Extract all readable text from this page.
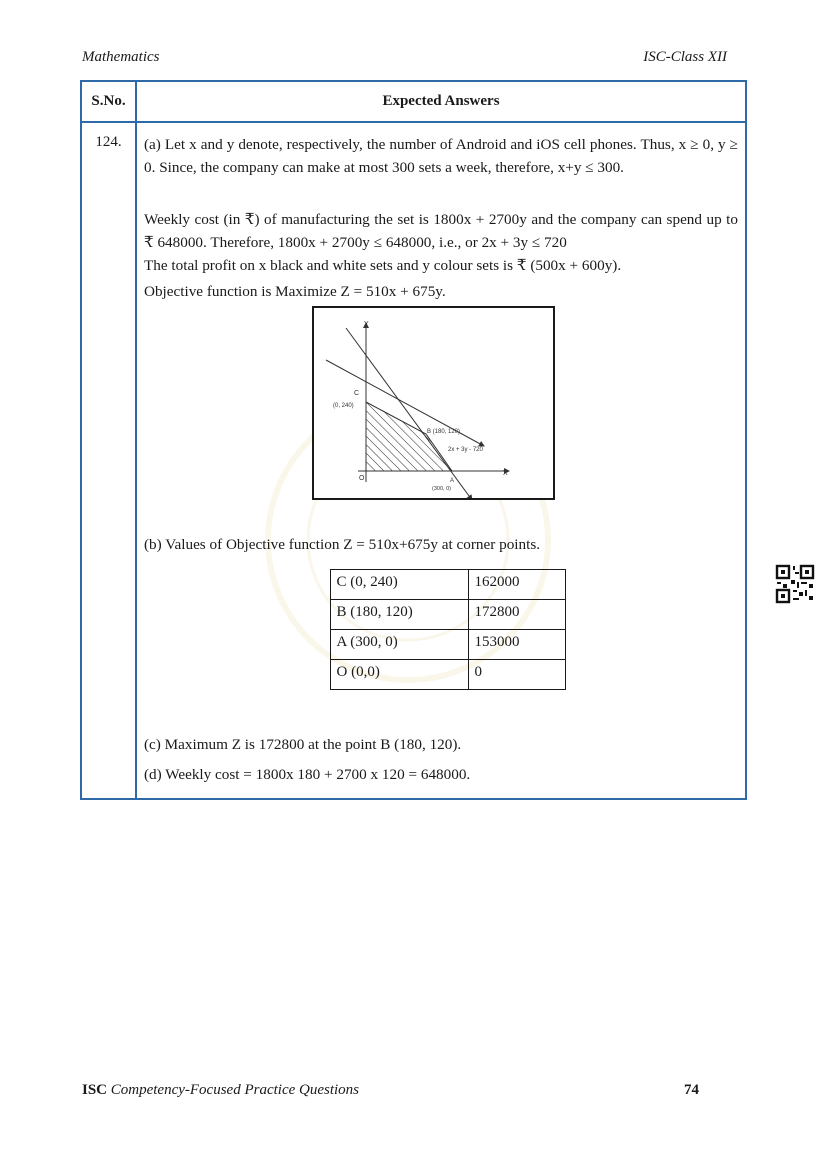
Mathematics	ISC-Class XII
S.No.	Expected Answers
124.	(a) Let x and y denote, respectively, the number of Android and iOS cell phones. Thus, x ≥ 0, y ≥ 0. Since, the company can make at most 300 sets a week, therefore, x+y ≤ 300.

Weekly cost (in ₹) of manufacturing the set is 1800x + 2700y and the company can spend up to ₹ 648000. Therefore, 1800x + 2700y ≤ 648000, i.e., or 2x + 3y ≤ 720

The total profit on x black and white sets and y colour sets is ₹ (500x + 600y).

Objective function is Maximize Z = 510x + 675y.

Y
X
O
C
(0, 240)
B (180, 120)
2x + 3y - 720
A
(300, 0)

(b) Values of Objective function Z = 510x+675y at corner points.

C (0, 240)	162000
B (180, 120)	172800
A (300, 0)	153000
O (0,0)	0

(c) Maximum Z is 172800 at the point B (180, 120).

(d) Weekly cost = 1800x 180 + 2700 x 120 = 648000.

ISC Competency-Focused Practice Questions	74
